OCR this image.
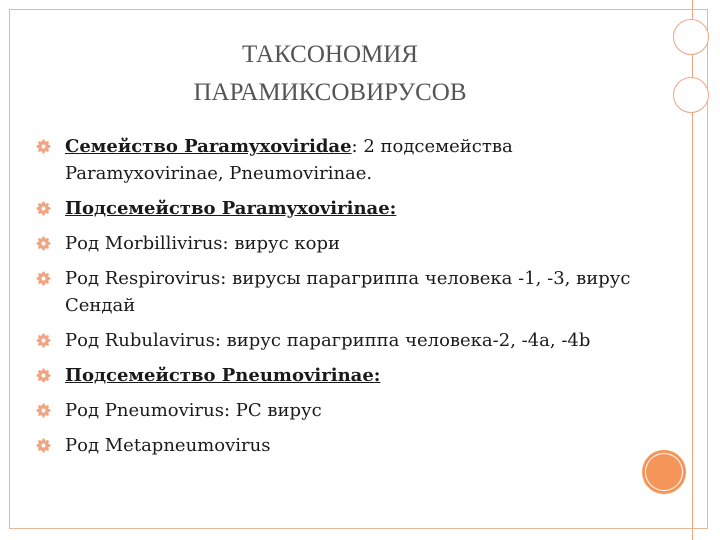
ТАКСОНОМИЯ
ПАРАМИКСОВИРУСОВ
Семейство Paramyxoviridae: 2 подсемейства Paramyxovirinae, Pneumovirinae.
Подсемейство Paramyxovirinae:
Род Morbillivirus: вирус кори
Род Respirovirus: вирусы парагриппа человека -1, -3, вирус Сендай
Род Rubulavirus: вирус парагриппа человека-2, -4a, -4b
Подсемейство Pneumovirinae:
Род Pneumovirus: РС вирус
Род Metapneumovirus
